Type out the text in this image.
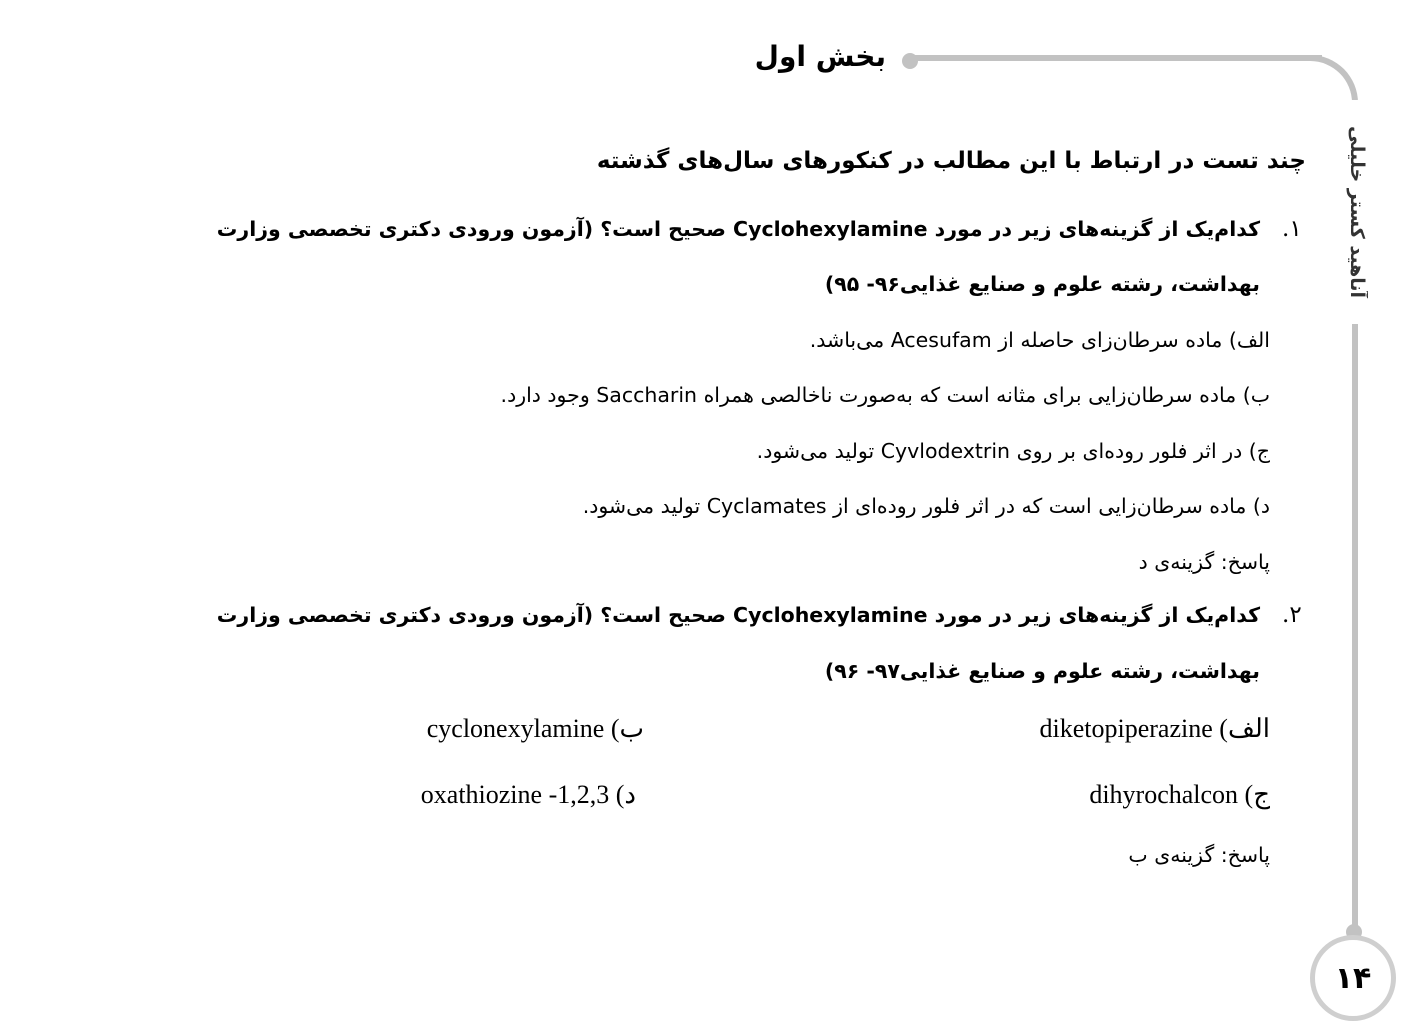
آناهید کستر خلیلی
بخش اول
چند تست در ارتباط با این مطالب در کنکورهای سال‌های گذشته
۱.
کدام‌یک از گزینه‌های زیر در مورد Cyclohexylamine صحیح است؟ (آزمون ورودی دکتری تخصصی وزارت
بهداشت، رشته علوم و صنایع غذایی۹۶- ۹۵)
الف) ماده سرطان‌زای حاصله از Acesufam می‌باشد.
ب) ماده سرطان‌زایی برای مثانه است که به‌صورت ناخالصی همراه Saccharin وجود دارد.
ج) در اثر فلور روده‌ای بر روی Cyvlodextrin تولید می‌شود.
د) ماده سرطان‌زایی است که در اثر فلور روده‌ای از Cyclamates تولید می‌شود.
پاسخ: گزینه‌ی د
۲.
کدام‌یک از گزینه‌های زیر در مورد Cyclohexylamine صحیح است؟ (آزمون ورودی دکتری تخصصی وزارت
بهداشت، رشته علوم و صنایع غذایی۹۷- ۹۶)
الف) diketopiperazine
ب) cyclonexylamine
ج) dihyrochalcon
د) 1,2,3- oxathiozine
پاسخ: گزینه‌ی ب
۱۴
